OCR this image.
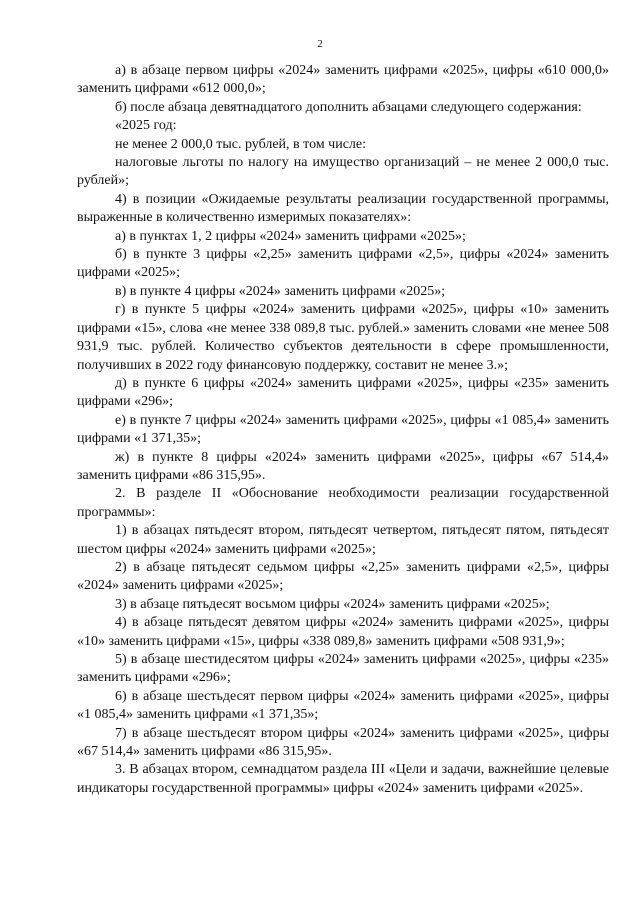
2

а) в абзаце первом цифры «2024» заменить цифрами «2025», цифры «610 000,0» заменить цифрами «612 000,0»;

б) после абзаца девятнадцатого дополнить абзацами следующего содержания:

«2025 год:

не менее 2 000,0 тыс. рублей, в том числе:

налоговые льготы по налогу на имущество организаций – не менее 2 000,0 тыс. рублей»;

4) в позиции «Ожидаемые результаты реализации государственной программы, выраженные в количественно измеримых показателях»:

а) в пунктах 1, 2 цифры «2024» заменить цифрами «2025»;

б) в пункте 3 цифры «2,25» заменить цифрами «2,5», цифры «2024» заменить цифрами «2025»;

в) в пункте 4 цифры «2024» заменить цифрами «2025»;

г) в пункте 5 цифры «2024» заменить цифрами «2025», цифры «10» заменить цифрами «15», слова «не менее 338 089,8 тыс. рублей.» заменить словами «не менее 508 931,9 тыс. рублей. Количество субъектов деятельности в сфере промышленности, получивших в 2022 году финансовую поддержку, составит не менее 3.»;

д) в пункте 6 цифры «2024» заменить цифрами «2025», цифры «235» заменить цифрами «296»;

е) в пункте 7 цифры «2024» заменить цифрами «2025», цифры «1 085,4» заменить цифрами «1 371,35»;

ж) в пункте 8 цифры «2024» заменить цифрами «2025», цифры «67 514,4» заменить цифрами «86 315,95».

2. В разделе II «Обоснование необходимости реализации государственной программы»:

1) в абзацах пятьдесят втором, пятьдесят четвертом, пятьдесят пятом, пятьдесят шестом цифры «2024» заменить цифрами «2025»;

2) в абзаце пятьдесят седьмом цифры «2,25» заменить цифрами «2,5», цифры «2024» заменить цифрами «2025»;

3) в абзаце пятьдесят восьмом цифры «2024» заменить цифрами «2025»;

4) в абзаце пятьдесят девятом цифры «2024» заменить цифрами «2025», цифры «10» заменить цифрами «15», цифры «338 089,8» заменить цифрами «508 931,9»;

5) в абзаце шестидесятом цифры «2024» заменить цифрами «2025», цифры «235» заменить цифрами «296»;

6) в абзаце шестьдесят первом цифры «2024» заменить цифрами «2025», цифры «1 085,4» заменить цифрами «1 371,35»;

7) в абзаце шестьдесят втором цифры «2024» заменить цифрами «2025», цифры «67 514,4» заменить цифрами «86 315,95».

3. В абзацах втором, семнадцатом раздела III «Цели и задачи, важнейшие целевые индикаторы государственной программы» цифры «2024» заменить цифрами «2025».
